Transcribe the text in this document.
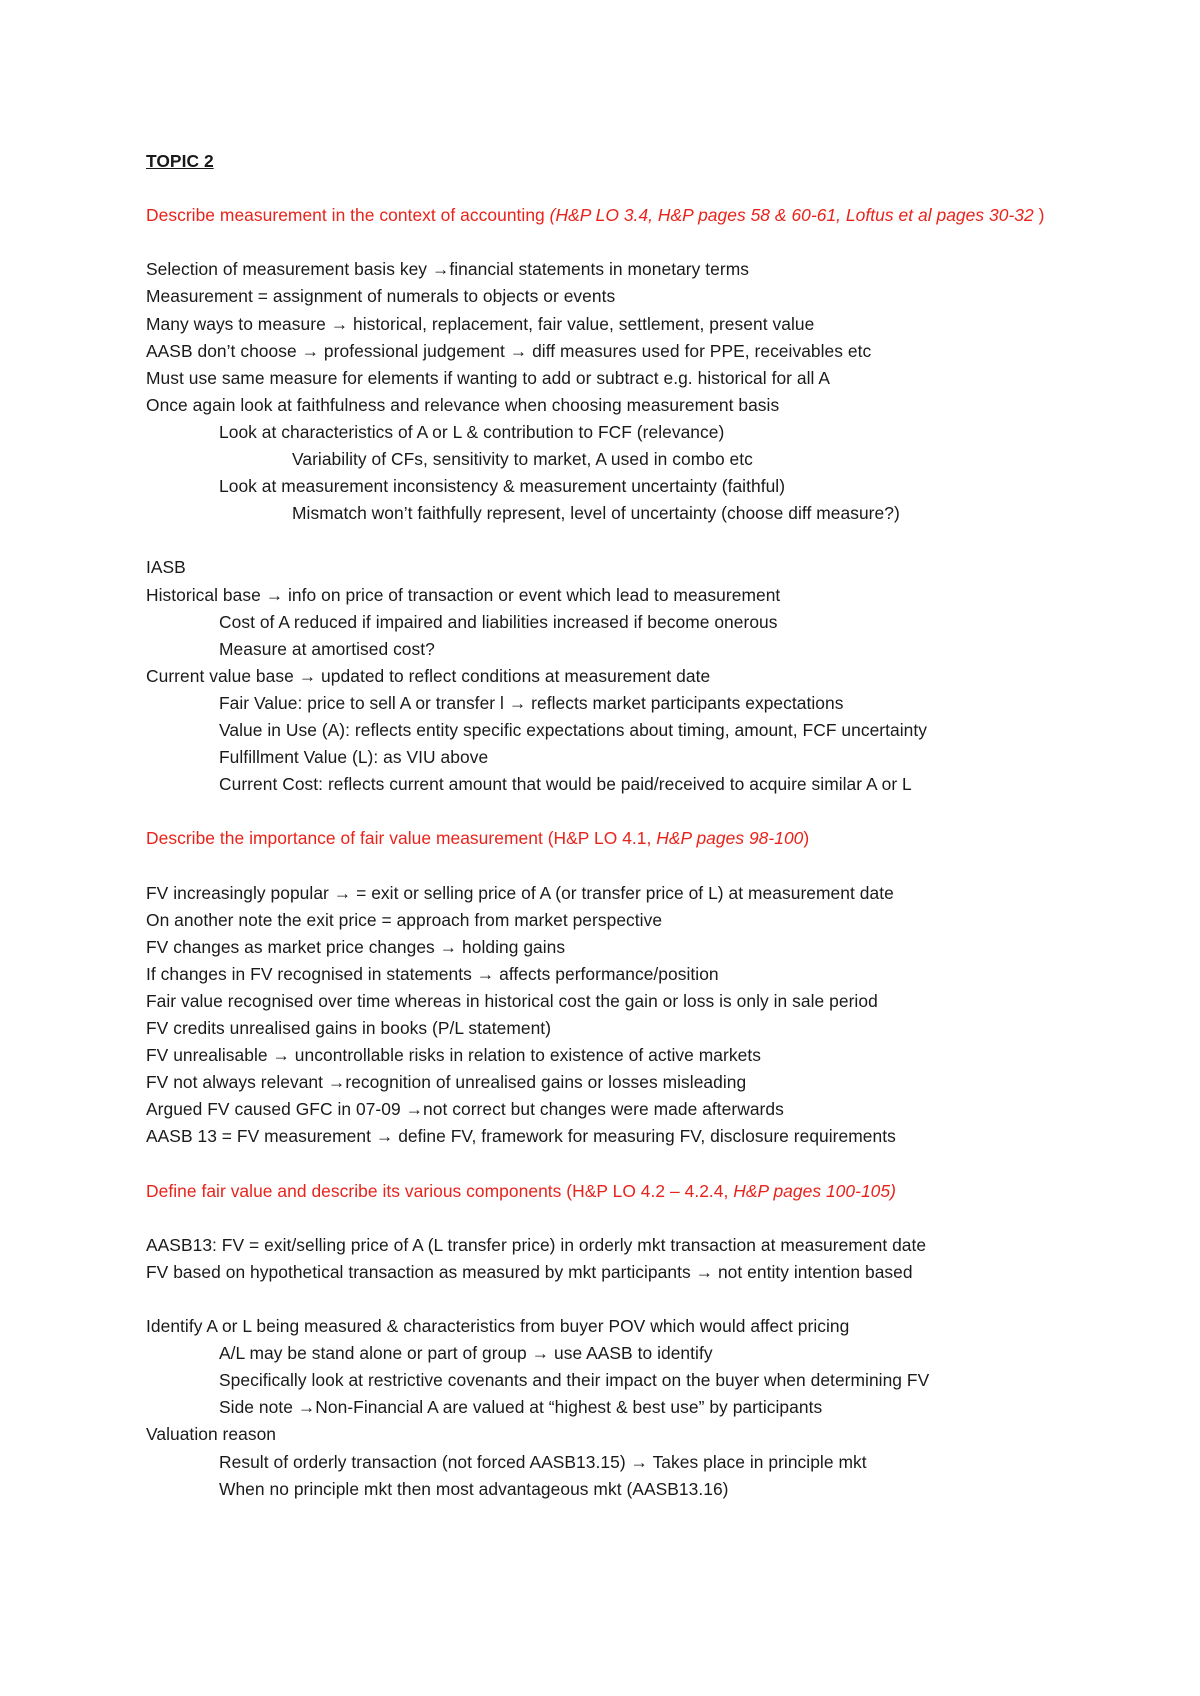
TOPIC 2
Describe measurement in the context of accounting (H&P LO 3.4, H&P pages 58 & 60-61, Loftus et al pages 30-32 )
Selection of measurement basis key →financial statements in monetary terms
Measurement = assignment of numerals to objects or events
Many ways to measure → historical, replacement, fair value, settlement, present value
AASB don’t choose → professional judgement → diff measures used for PPE, receivables etc
Must use same measure for elements if wanting to add or subtract e.g. historical for all A
Once again look at faithfulness and relevance when choosing measurement basis
Look at characteristics of A or L & contribution to FCF (relevance)
Variability of CFs, sensitivity to market, A used in combo etc
Look at measurement inconsistency & measurement uncertainty (faithful)
Mismatch won’t faithfully represent, level of uncertainty (choose diff measure?)
IASB
Historical base → info on price of transaction or event which lead to measurement
Cost of A reduced if impaired and liabilities increased if become onerous
Measure at amortised cost?
Current value base → updated to reflect conditions at measurement date
Fair Value: price to sell A or transfer l → reflects market participants expectations
Value in Use (A): reflects entity specific expectations about timing, amount, FCF uncertainty
Fulfillment Value (L): as VIU above
Current Cost: reflects current amount that would be paid/received to acquire similar A or L
Describe the importance of fair value measurement (H&P LO 4.1, H&P pages 98-100)
FV increasingly popular → = exit or selling price of A (or transfer price of L) at measurement date
On another note the exit price = approach from market perspective
FV changes as market price changes → holding gains
If changes in FV recognised in statements → affects performance/position
Fair value recognised over time whereas in historical cost the gain or loss is only in sale period
FV credits unrealised gains in books (P/L statement)
FV unrealisable → uncontrollable risks in relation to existence of active markets
FV not always relevant →recognition of unrealised gains or losses misleading
Argued FV caused GFC in 07-09 →not correct but changes were made afterwards
AASB 13 = FV measurement → define FV, framework for measuring FV, disclosure requirements
Define fair value and describe its various components (H&P LO 4.2 – 4.2.4, H&P pages 100-105)
AASB13: FV = exit/selling price of A (L transfer price) in orderly mkt transaction at measurement date
FV based on hypothetical transaction as measured by mkt participants → not entity intention based
Identify A or L being measured & characteristics from buyer POV which would affect pricing
A/L may be stand alone or part of group → use AASB to identify
Specifically look at restrictive covenants and their impact on the buyer when determining FV
Side note →Non-Financial A are valued at “highest & best use” by participants
Valuation reason
Result of orderly transaction (not forced AASB13.15) → Takes place in principle mkt
When no principle mkt then most advantageous mkt (AASB13.16)
